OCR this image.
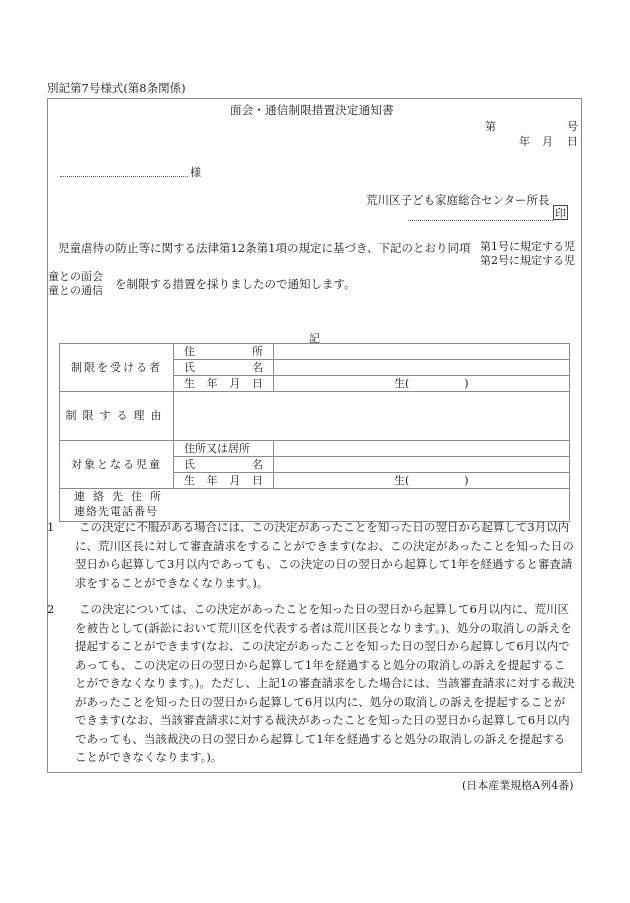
別記第7号様式(第8条関係)
面会・通信制限措置決定通知書
第	号
年 月 日
様
荒川区子ども家庭総合センター所長
印
児童虐待の防止等に関する法律第12条第1項の規定に基づき、下記のとおり同項 第1号に規定する児
第2号に規定する児
童との面会
童との通信 を制限する措置を採りましたので通知します。
記
制限を受ける者	住 所	

	氏 名	

	生 年 月 日	生(　　　　　)
制限する理由		
対象となる児童	住所又は居所	

	氏 名	

	生 年 月 日	生(　　　　　)

連絡先住所
連絡先電話番号		

1 この決定に不服がある場合には、この決定があったことを知った日の翌日から起算して3月以内に、荒川区長に対して審査請求をすることができます(なお、この決定があったことを知った日の翌日から起算して3月以内であっても、この決定の日の翌日から起算して1年を経過すると審査請求をすることができなくなります。)。

2 この決定については、この決定があったことを知った日の翌日から起算して6月以内に、荒川区を被告として(訴訟において荒川区を代表する者は荒川区長となります。)、処分の取消しの訴えを提起することができます(なお、この決定があったことを知った日の翌日から起算して6月以内であっても、この決定の日の翌日から起算して1年を経過すると処分の取消しの訴えを提起することができなくなります。)。ただし、上記1の審査請求をした場合には、当該審査請求に対する裁決があったことを知った日の翌日から起算して6月以内に、処分の取消しの訴えを提起することができます(なお、当該審査請求に対する裁決があったことを知った日の翌日から起算して6月以内であっても、当該裁決の日の翌日から起算して1年を経過すると処分の取消しの訴えを提起することができなくなります。)。

(日本産業規格A列4番)
